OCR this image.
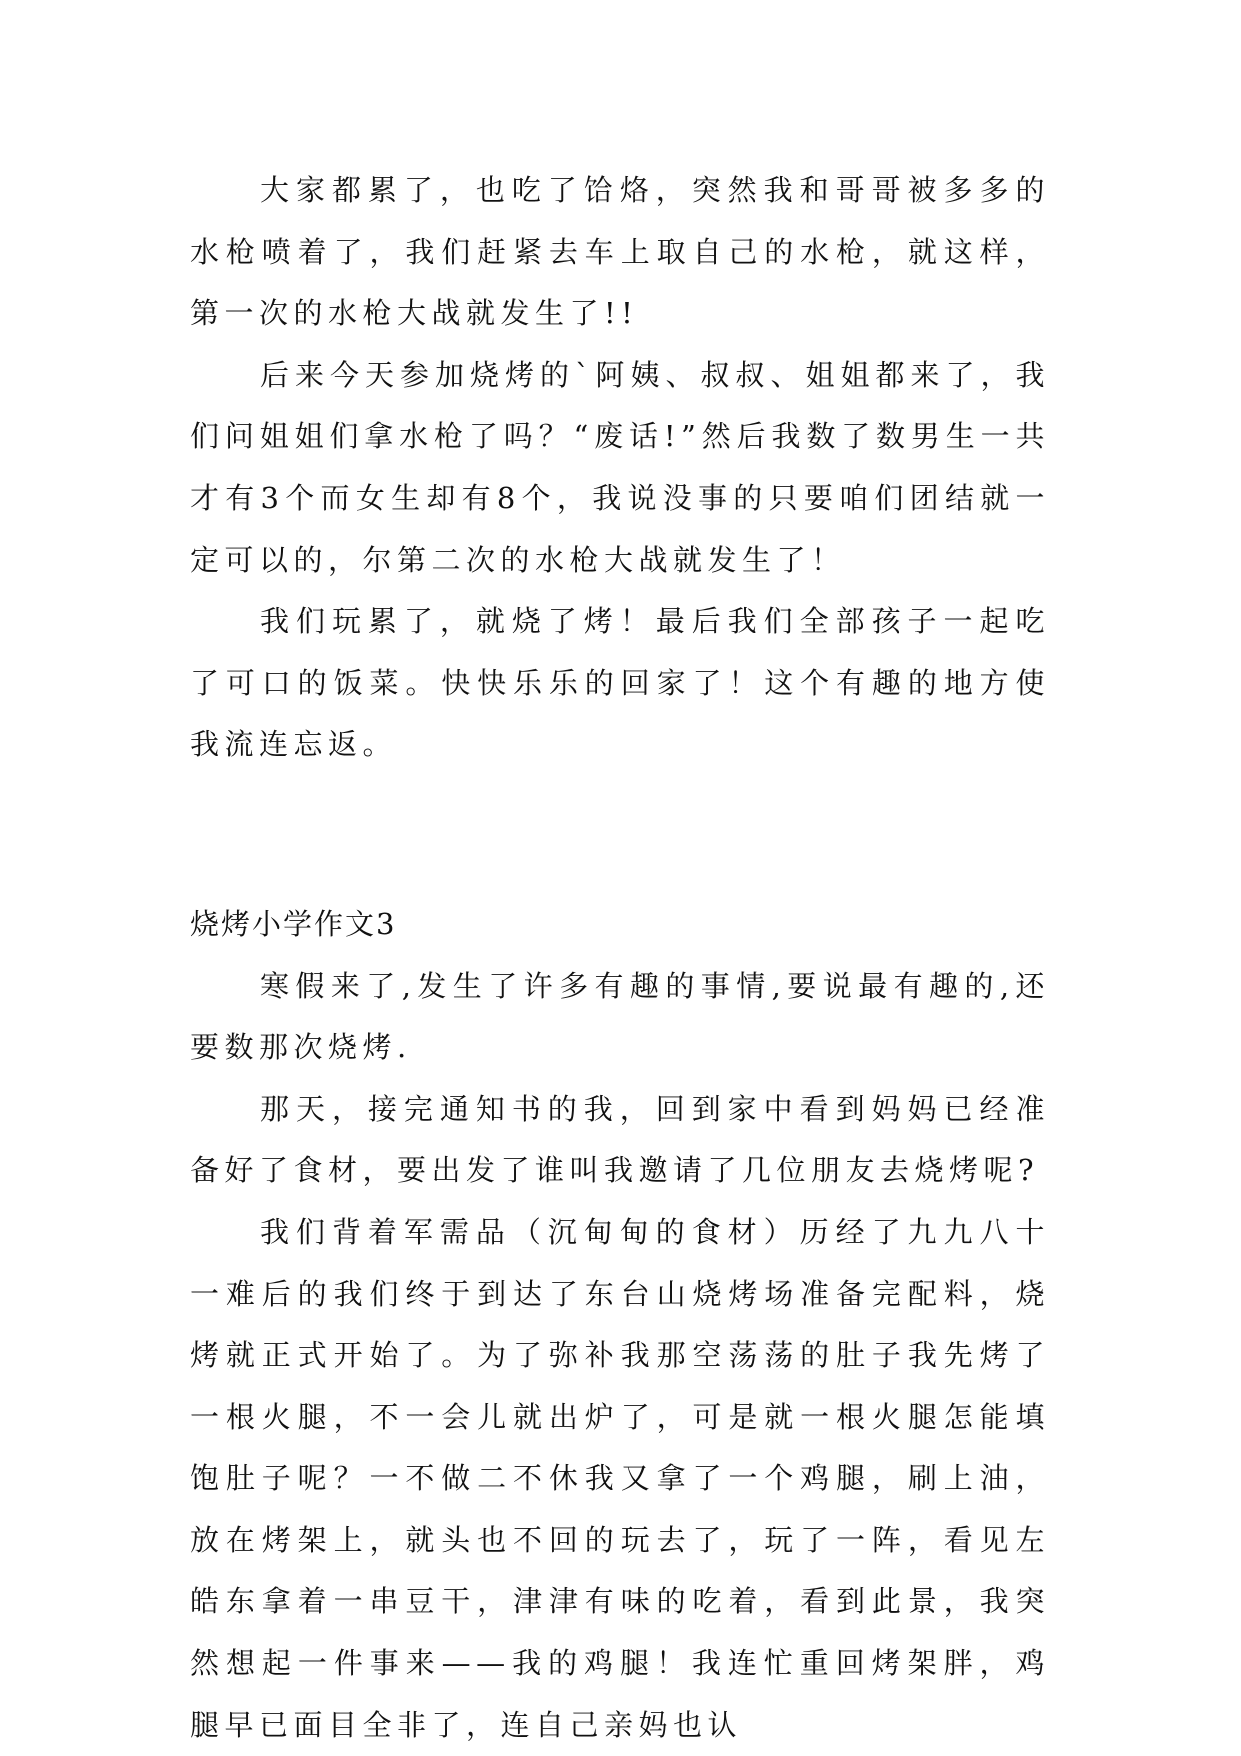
大家都累了，也吃了饸烙，突然我和哥哥被多多的水枪喷着了，我们赶紧去车上取自己的水枪，就这样，第一次的水枪大战就发生了!!

后来今天参加烧烤的`阿姨、叔叔、姐姐都来了，我们问姐姐们拿水枪了吗？“废话!”然后我数了数男生一共才有3个而女生却有8个，我说没事的只要咱们团结就一定可以的，尔第二次的水枪大战就发生了！

我们玩累了，就烧了烤！最后我们全部孩子一起吃了可口的饭菜。快快乐乐的回家了！这个有趣的地方使我流连忘返。

烧烤小学作文3

寒假来了,发生了许多有趣的事情,要说最有趣的,还要数那次烧烤.

那天，接完通知书的我，回到家中看到妈妈已经准备好了食材，要出发了谁叫我邀请了几位朋友去烧烤呢?

我们背着军需品（沉甸甸的食材）历经了九九八十一难后的我们终于到达了东台山烧烤场准备完配料，烧烤就正式开始了。为了弥补我那空荡荡的肚子我先烤了一根火腿，不一会儿就出炉了，可是就一根火腿怎能填饱肚子呢？一不做二不休我又拿了一个鸡腿，刷上油，放在烤架上，就头也不回的玩去了，玩了一阵，看见左皓东拿着一串豆干，津津有味的吃着，看到此景，我突然想起一件事来——我的鸡腿！我连忙重回烤架胖，鸡腿早已面目全非了，连自己亲妈也认
